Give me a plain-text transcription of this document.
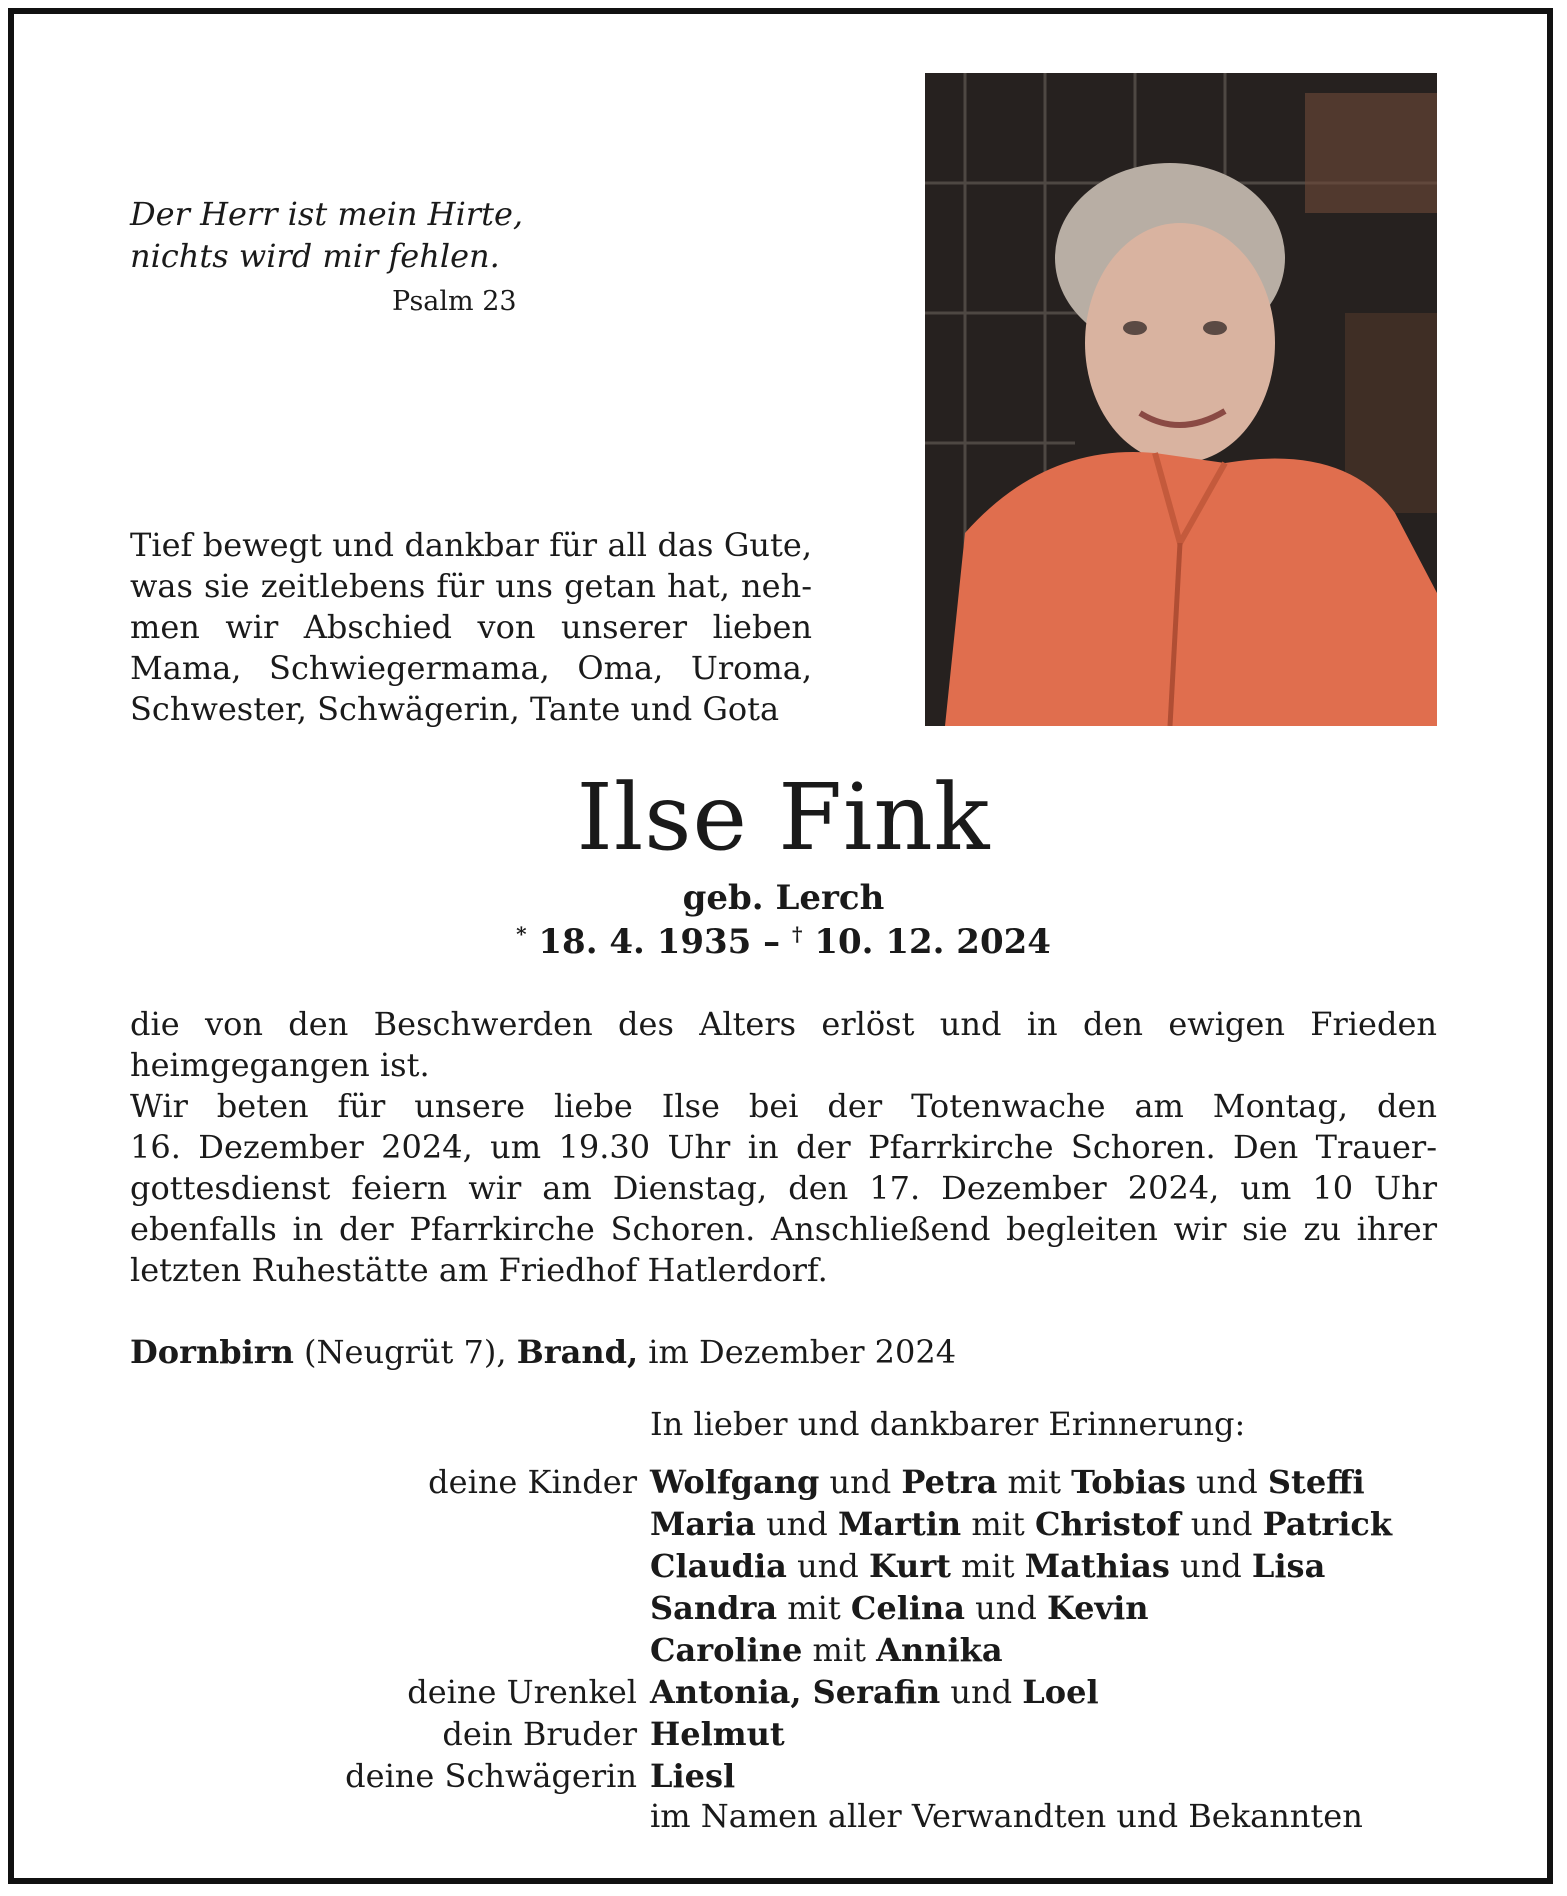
Der Herr ist mein Hirte,
nichts wird mir fehlen.
Psalm 23
Tief bewegt und dankbar für all das Gute,
was sie zeitlebens für uns getan hat, neh-
men wir Abschied von unserer lieben
Mama, Schwiegermama, Oma, Uroma,
Schwester, Schwägerin, Tante und Gota
Ilse Fink
geb. Lerch
* 18. 4. 1935 – † 10. 12. 2024
die von den Beschwerden des Alters erlöst und in den ewigen Frieden
heimgegangen ist.
Wir beten für unsere liebe Ilse bei der Totenwache am Montag, den
16. Dezember 2024, um 19.30 Uhr in der Pfarrkirche Schoren. Den Trauer-
gottesdienst feiern wir am Dienstag, den 17. Dezember 2024, um 10 Uhr
ebenfalls in der Pfarrkirche Schoren. Anschließend begleiten wir sie zu ihrer
letzten Ruhestätte am Friedhof Hatlerdorf.
Dornbirn (Neugrüt 7), Brand, im Dezember 2024
In lieber und dankbarer Erinnerung:
deine Kinder Wolfgang und Petra mit Tobias und Steffi
Maria und Martin mit Christof und Patrick
Claudia und Kurt mit Mathias und Lisa
Sandra mit Celina und Kevin
Caroline mit Annika
deine Urenkel Antonia, Serafin und Loel
dein Bruder Helmut
deine Schwägerin Liesl
im Namen aller Verwandten und Bekannten
